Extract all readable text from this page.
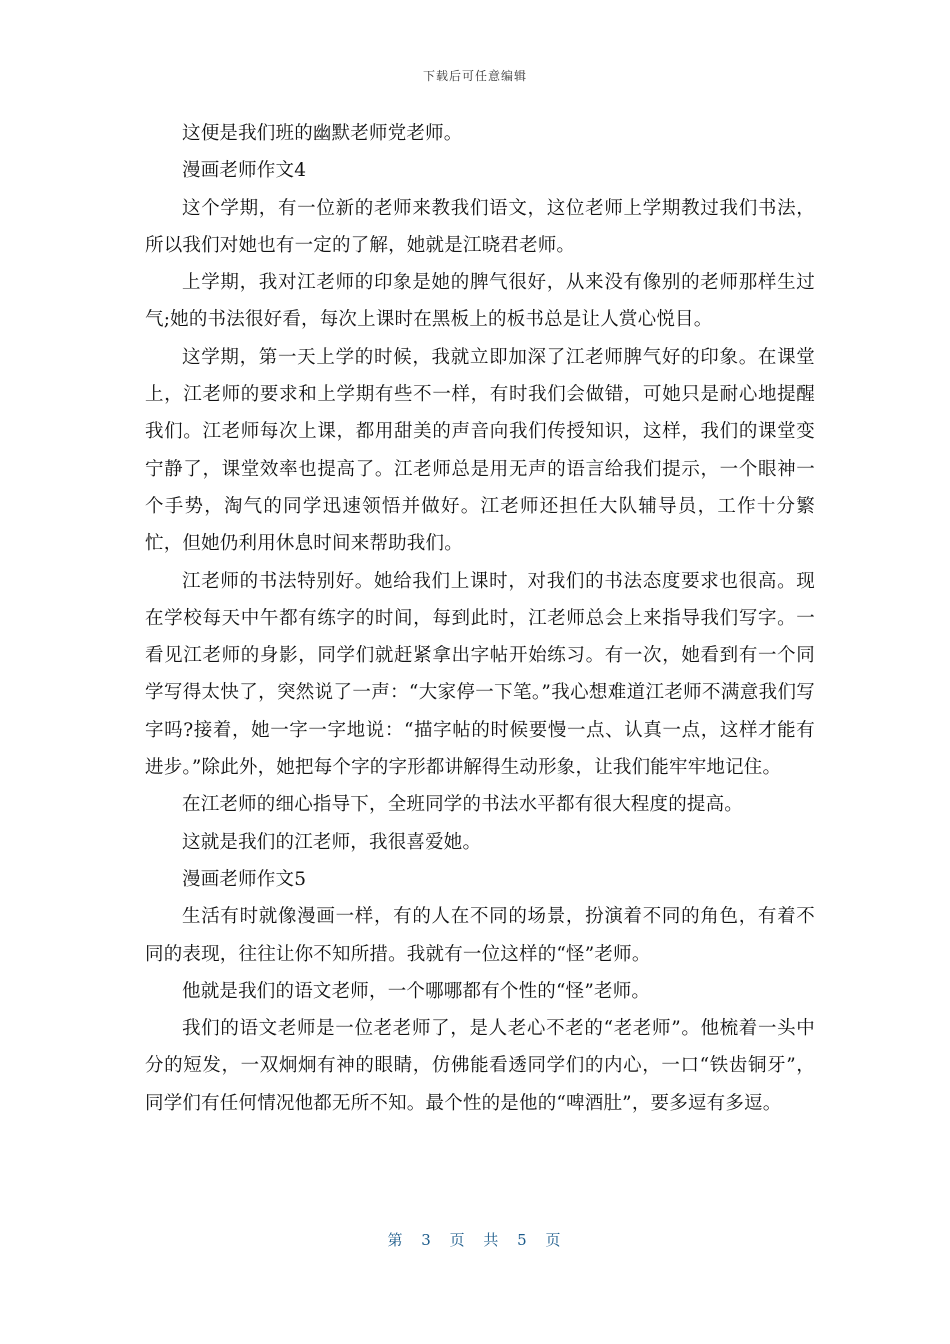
下载后可任意编辑

这便是我们班的幽默老师党老师。

漫画老师作文4

这个学期，有一位新的老师来教我们语文，这位老师上学期教过我们书法，所以我们对她也有一定的了解，她就是江晓君老师。

上学期，我对江老师的印象是她的脾气很好，从来没有像别的老师那样生过气;她的书法很好看，每次上课时在黑板上的板书总是让人赏心悦目。

这学期，第一天上学的时候，我就立即加深了江老师脾气好的印象。在课堂上，江老师的要求和上学期有些不一样，有时我们会做错，可她只是耐心地提醒我们。江老师每次上课，都用甜美的声音向我们传授知识，这样，我们的课堂变宁静了，课堂效率也提高了。江老师总是用无声的语言给我们提示，一个眼神一个手势，淘气的同学迅速领悟并做好。江老师还担任大队辅导员，工作十分繁忙，但她仍利用休息时间来帮助我们。

江老师的书法特别好。她给我们上课时，对我们的书法态度要求也很高。现在学校每天中午都有练字的时间，每到此时，江老师总会上来指导我们写字。一看见江老师的身影，同学们就赶紧拿出字帖开始练习。有一次，她看到有一个同学写得太快了，突然说了一声：“大家停一下笔。”我心想难道江老师不满意我们写字吗?接着，她一字一字地说：“描字帖的时候要慢一点、认真一点，这样才能有进步。”除此外，她把每个字的字形都讲解得生动形象，让我们能牢牢地记住。

在江老师的细心指导下，全班同学的书法水平都有很大程度的提高。

这就是我们的江老师，我很喜爱她。

漫画老师作文5

生活有时就像漫画一样，有的人在不同的场景，扮演着不同的角色，有着不同的表现，往往让你不知所措。我就有一位这样的“怪”老师。

他就是我们的语文老师，一个哪哪都有个性的“怪”老师。

我们的语文老师是一位老老师了，是人老心不老的“老老师”。他梳着一头中分的短发，一双炯炯有神的眼睛，仿佛能看透同学们的内心，一口“铁齿铜牙”，同学们有任何情况他都无所不知。最个性的是他的“啤酒肚”，要多逗有多逗。

第 3 页 共 5 页
